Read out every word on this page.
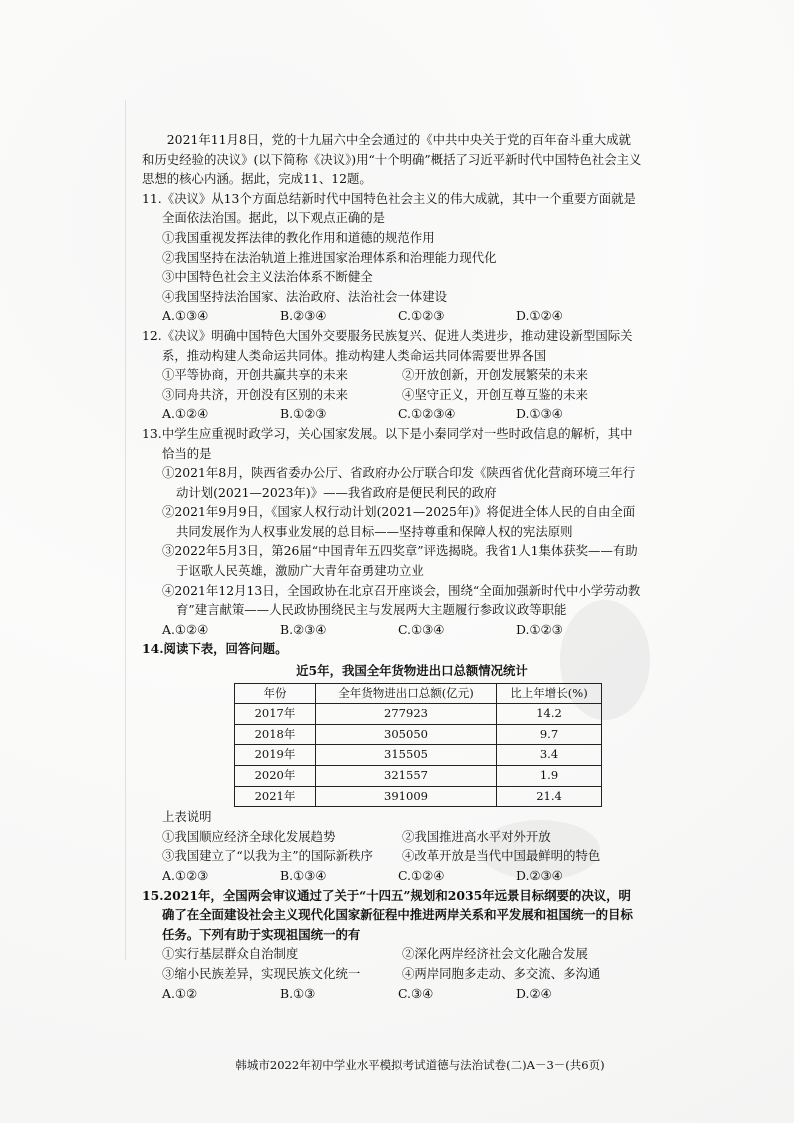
2021年11月8日，党的十九届六中全会通过的《中共中央关于党的百年奋斗重大成就和历史经验的决议》(以下简称《决议》)用“十个明确”概括了习近平新时代中国特色社会主义思想的核心内涵。据此，完成11、12题。

11.《决议》从13个方面总结新时代中国特色社会主义的伟大成就，其中一个重要方面就是全面依法治国。据此，以下观点正确的是

①我国重视发挥法律的教化作用和道德的规范作用

②我国坚持在法治轨道上推进国家治理体系和治理能力现代化

③中国特色社会主义法治体系不断健全

④我国坚持法治国家、法治政府、法治社会一体建设

A.①③④	B.②③④	C.①②③	D.①②④

12.《决议》明确中国特色大国外交要服务民族复兴、促进人类进步，推动建设新型国际关系，推动构建人类命运共同体。推动构建人类命运共同体需要世界各国

①平等协商，开创共赢共享的未来	②开放创新，开创发展繁荣的未来
③同舟共济，开创没有区别的未来	④坚守正义，开创互尊互鉴的未来
A.①②④	B.①②③	C.①②③④	D.①③④

13.中学生应重视时政学习，关心国家发展。以下是小秦同学对一些时政信息的解析，其中恰当的是

①2021年8月，陕西省委办公厅、省政府办公厅联合印发《陕西省优化营商环境三年行动计划(2021—2023年)》——我省政府是便民利民的政府

②2021年9月9日，《国家人权行动计划(2021—2025年)》将促进全体人民的自由全面共同发展作为人权事业发展的总目标——坚持尊重和保障人权的宪法原则

③2022年5月3日，第26届“中国青年五四奖章”评选揭晓。我省1人1集体获奖——有助于讴歌人民英雄，激励广大青年奋勇建功立业

④2021年12月13日，全国政协在北京召开座谈会，围绕“全面加强新时代中小学劳动教育”建言献策——人民政协围绕民主与发展两大主题履行参政议政等职能

A.①②④	B.②③④	C.①③④	D.①②③

14.阅读下表，回答问题。

近5年，我国全年货物进出口总额情况统计
年份	全年货物进出口总额(亿元)	比上年增长(%)
2017年	277923	14.2
2018年	305050	9.7
2019年	315505	3.4
2020年	321557	1.9
2021年	391009	21.4

上表说明

①我国顺应经济全球化发展趋势	②我国推进高水平对外开放
③我国建立了“以我为主”的国际新秩序	④改革开放是当代中国最鲜明的特色
A.①②③	B.①③④	C.①②④	D.②③④

15.2021年，全国两会审议通过了关于“十四五”规划和2035年远景目标纲要的决议，明确了在全面建设社会主义现代化国家新征程中推进两岸关系和平发展和祖国统一的目标任务。下列有助于实现祖国统一的有

①实行基层群众自治制度	②深化两岸经济社会文化融合发展
③缩小民族差异，实现民族文化统一	④两岸同胞多走动、多交流、多沟通
A.①②	B.①③	C.③④	D.②④
韩城市2022年初中学业水平模拟考试道德与法治试卷(二)A－3－(共6页)
